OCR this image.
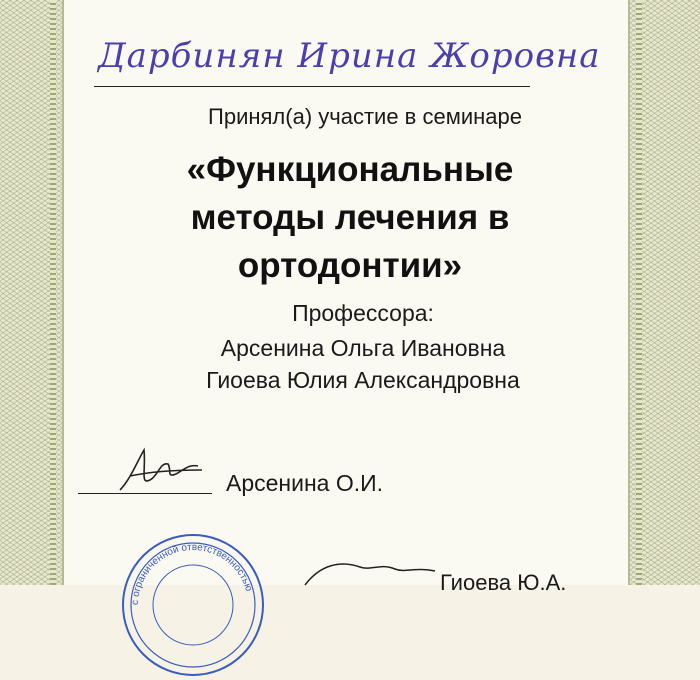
Дарбинян Ирина Жоровна
Принял(а) участие в семинаре
«Функциональные
методы лечения в
ортодонтии»
Профессора:
Арсенина Ольга Ивановна
Гиоева Юлия Александровна
Арсенина О.И.
с ограниченной ответственностью	Гиоева Ю.А.
